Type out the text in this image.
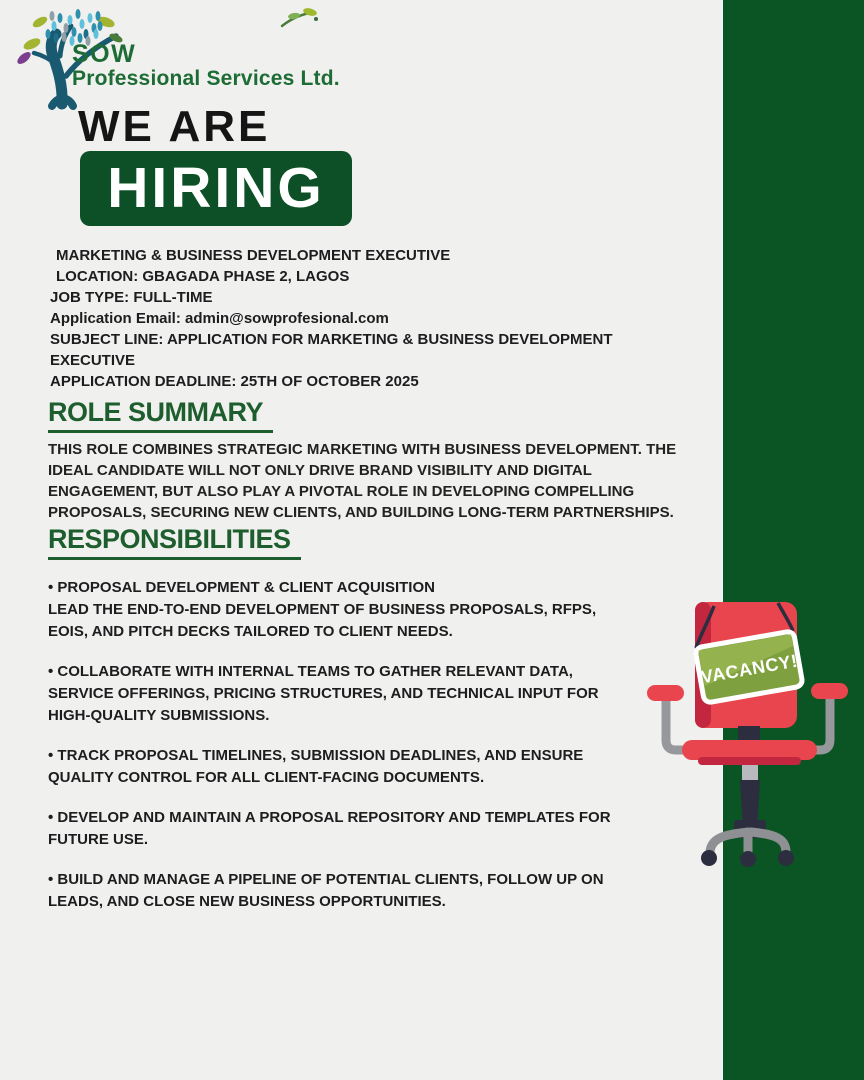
SOW
Professional Services Ltd.
WE ARE
HIRING
MARKETING & BUSINESS DEVELOPMENT EXECUTIVE
LOCATION: GBAGADA PHASE 2, LAGOS
JOB TYPE: FULL-TIME
Application Email: admin@sowprofesional.com
SUBJECT LINE: APPLICATION FOR MARKETING & BUSINESS DEVELOPMENT
EXECUTIVE
APPLICATION DEADLINE: 25TH OF OCTOBER 2025
ROLE SUMMARY
THIS ROLE COMBINES STRATEGIC MARKETING WITH BUSINESS DEVELOPMENT. THE
IDEAL CANDIDATE WILL NOT ONLY DRIVE BRAND VISIBILITY AND DIGITAL
ENGAGEMENT, BUT ALSO PLAY A PIVOTAL ROLE IN DEVELOPING COMPELLING
PROPOSALS, SECURING NEW CLIENTS, AND BUILDING LONG-TERM PARTNERSHIPS.
RESPONSIBILITIES
• PROPOSAL DEVELOPMENT & CLIENT ACQUISITION
LEAD THE END-TO-END DEVELOPMENT OF BUSINESS PROPOSALS, RFPS,
EOIS, AND PITCH DECKS TAILORED TO CLIENT NEEDS.
• COLLABORATE WITH INTERNAL TEAMS TO GATHER RELEVANT DATA,
SERVICE OFFERINGS, PRICING STRUCTURES, AND TECHNICAL INPUT FOR
HIGH-QUALITY SUBMISSIONS.
• TRACK PROPOSAL TIMELINES, SUBMISSION DEADLINES, AND ENSURE
QUALITY CONTROL FOR ALL CLIENT-FACING DOCUMENTS.
• DEVELOP AND MAINTAIN A PROPOSAL REPOSITORY AND TEMPLATES FOR
FUTURE USE.
• BUILD AND MANAGE A PIPELINE OF POTENTIAL CLIENTS, FOLLOW UP ON
LEADS, AND CLOSE NEW BUSINESS OPPORTUNITIES.
VACANCY!
